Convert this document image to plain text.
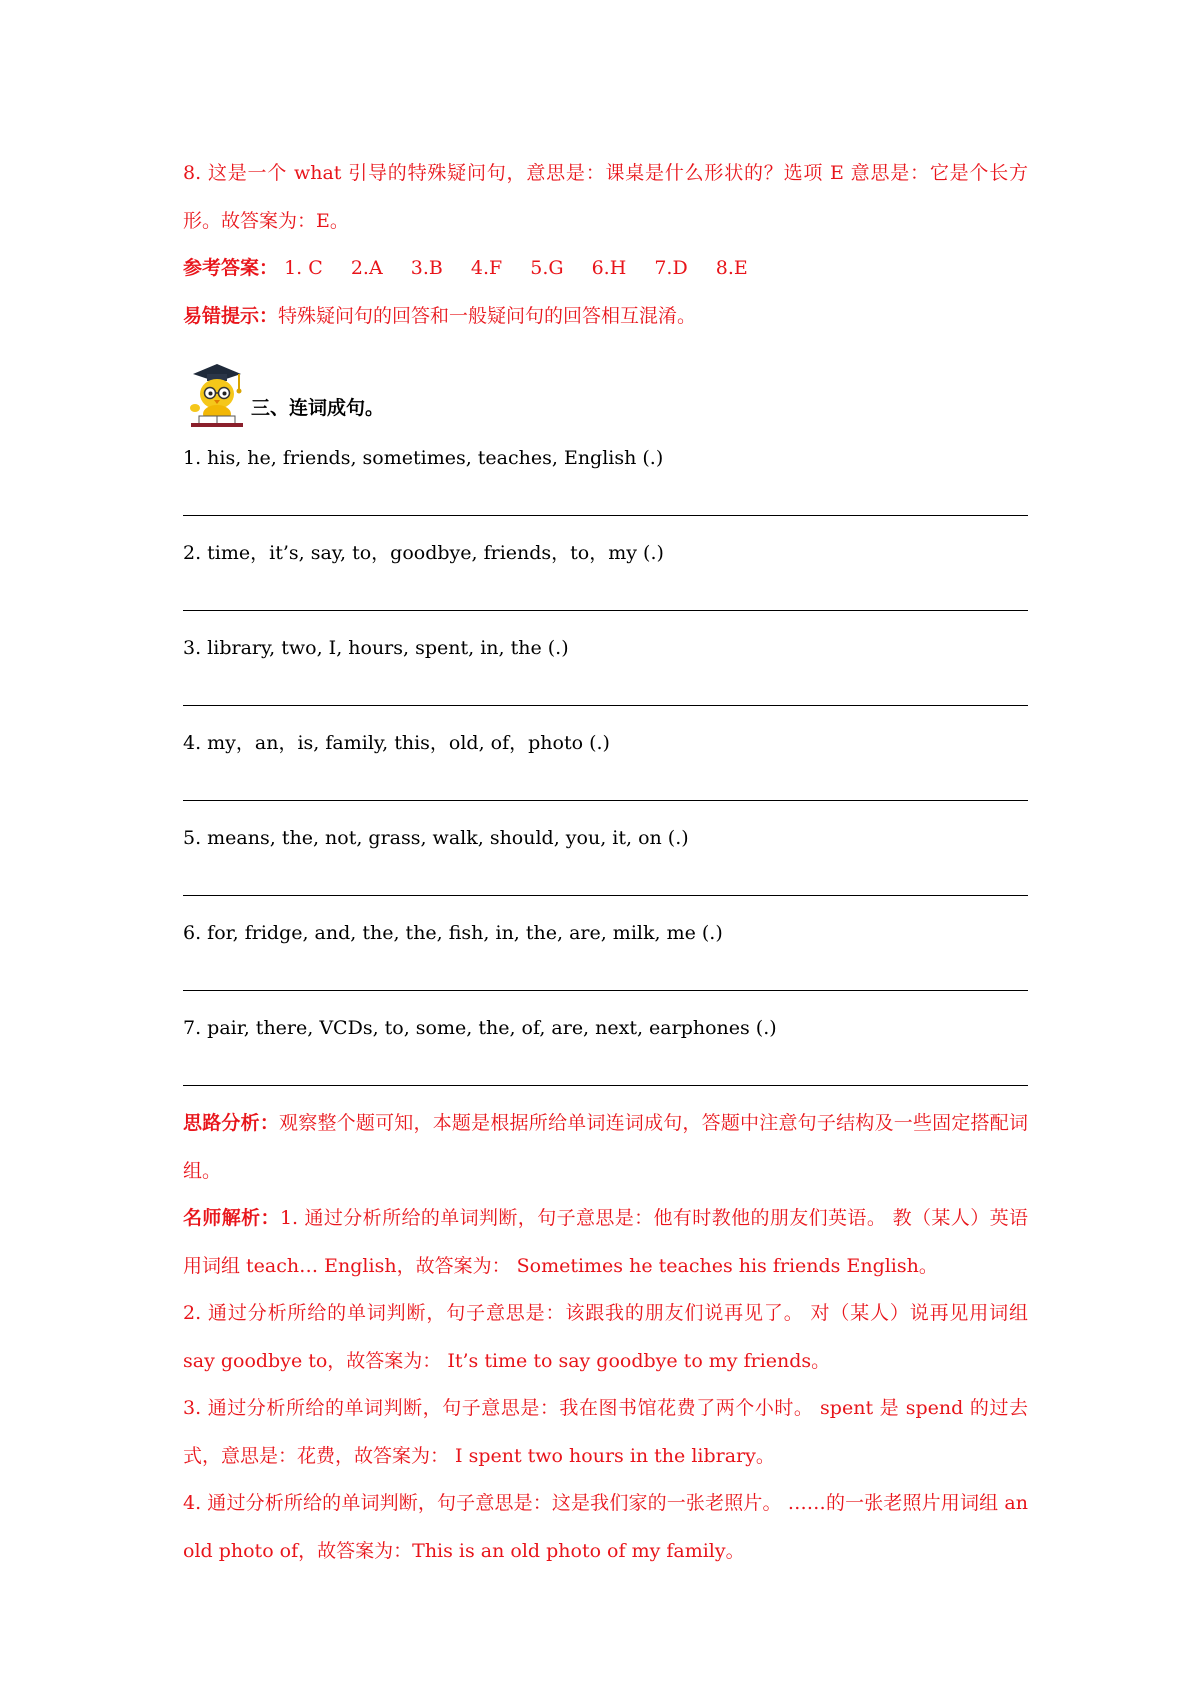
8. 这是一个 what 引导的特殊疑问句，意思是：课桌是什么形状的？选项 E 意思是：它是个长方形。故答案为：E。
参考答案： 1. C 2.A 3.B 4.F 5.G 6.H 7.D 8.E
易错提示：特殊疑问句的回答和一般疑问句的回答相互混淆。
三、连词成句。
1. his, he, friends, sometimes, teaches, English (.)
2. time，it’s, say, to，goodbye, friends，to，my (.)
3. library, two, I, hours, spent, in, the (.)
4. my，an，is, family, this，old, of，photo (.)
5. means, the, not, grass, walk, should, you, it, on (.)
6. for, fridge, and, the, the, fish, in, the, are, milk, me (.)
7. pair, there, VCDs, to, some, the, of, are, next, earphones (.)
思路分析：观察整个题可知，本题是根据所给单词连词成句，答题中注意句子结构及一些固定搭配词组。
名师解析：1. 通过分析所给的单词判断，句子意思是：他有时教他的朋友们英语。 教（某人）英语用词组 teach… English，故答案为： Sometimes he teaches his friends English。
2. 通过分析所给的单词判断，句子意思是：该跟我的朋友们说再见了。 对（某人）说再见用词组 say goodbye to，故答案为： It’s time to say goodbye to my friends。
3. 通过分析所给的单词判断，句子意思是：我在图书馆花费了两个小时。 spent 是 spend 的过去式，意思是：花费，故答案为： I spent two hours in the library。
4. 通过分析所给的单词判断，句子意思是：这是我们家的一张老照片。 ……的一张老照片用词组 an old photo of，故答案为：This is an old photo of my family。
